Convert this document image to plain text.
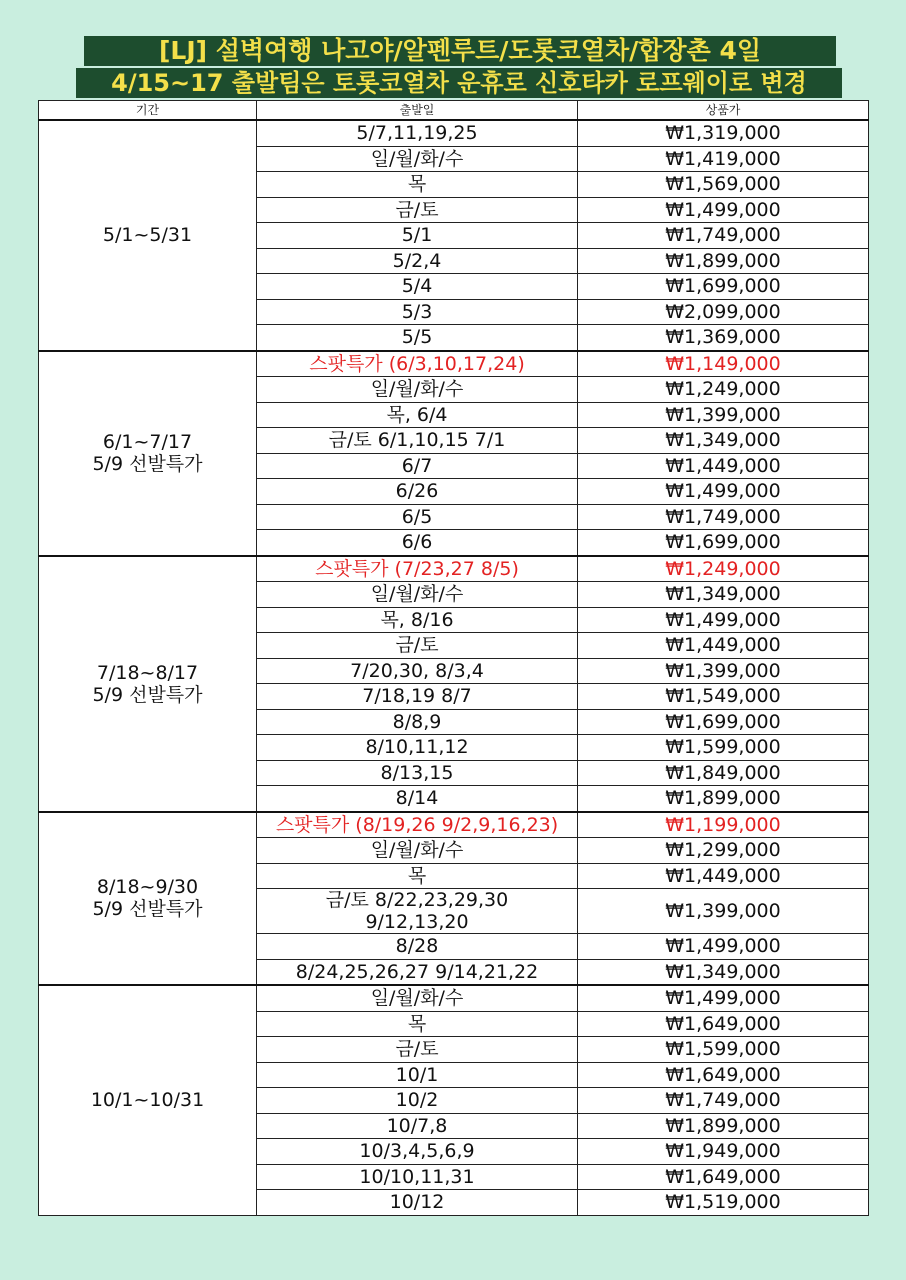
[LJ] 설벽여행 나고야/알펜루트/도롯코열차/합장촌 4일
4/15~17 출발팀은 토롯코열차 운휴로 신호타카 로프웨이로 변경
기간	출발일	상품가

5/1~5/31	5/7,11,19,25	₩1,319,000

	일/월/화/수	₩1,419,000

	목	₩1,569,000

	금/토	₩1,499,000

	5/1	₩1,749,000

	5/2,4	₩1,899,000

	5/4	₩1,699,000

	5/3	₩2,099,000

	5/5	₩1,369,000

6/1~7/17
5/9 선발특가	스팟특가 (6/3,10,17,24)	₩1,149,000

	일/월/화/수	₩1,249,000

	목, 6/4	₩1,399,000

	금/토 6/1,10,15 7/1	₩1,349,000

	6/7	₩1,449,000

	6/26	₩1,499,000

	6/5	₩1,749,000

	6/6	₩1,699,000

7/18~8/17
5/9 선발특가	스팟특가 (7/23,27 8/5)	₩1,249,000

	일/월/화/수	₩1,349,000

	목, 8/16	₩1,499,000

	금/토	₩1,449,000

	7/20,30, 8/3,4	₩1,399,000

	7/18,19 8/7	₩1,549,000

	8/8,9	₩1,699,000

	8/10,11,12	₩1,599,000

	8/13,15	₩1,849,000

	8/14	₩1,899,000

8/18~9/30
5/9 선발특가	스팟특가 (8/19,26 9/2,9,16,23)	₩1,199,000

	일/월/화/수	₩1,299,000

	목	₩1,449,000

	금/토 8/22,23,29,30
9/12,13,20	₩1,399,000

	8/28	₩1,499,000

	8/24,25,26,27 9/14,21,22	₩1,349,000

10/1~10/31	일/월/화/수	₩1,499,000

	목	₩1,649,000

	금/토	₩1,599,000

	10/1	₩1,649,000

	10/2	₩1,749,000

	10/7,8	₩1,899,000

	10/3,4,5,6,9	₩1,949,000

	10/10,11,31	₩1,649,000

	10/12	₩1,519,000
